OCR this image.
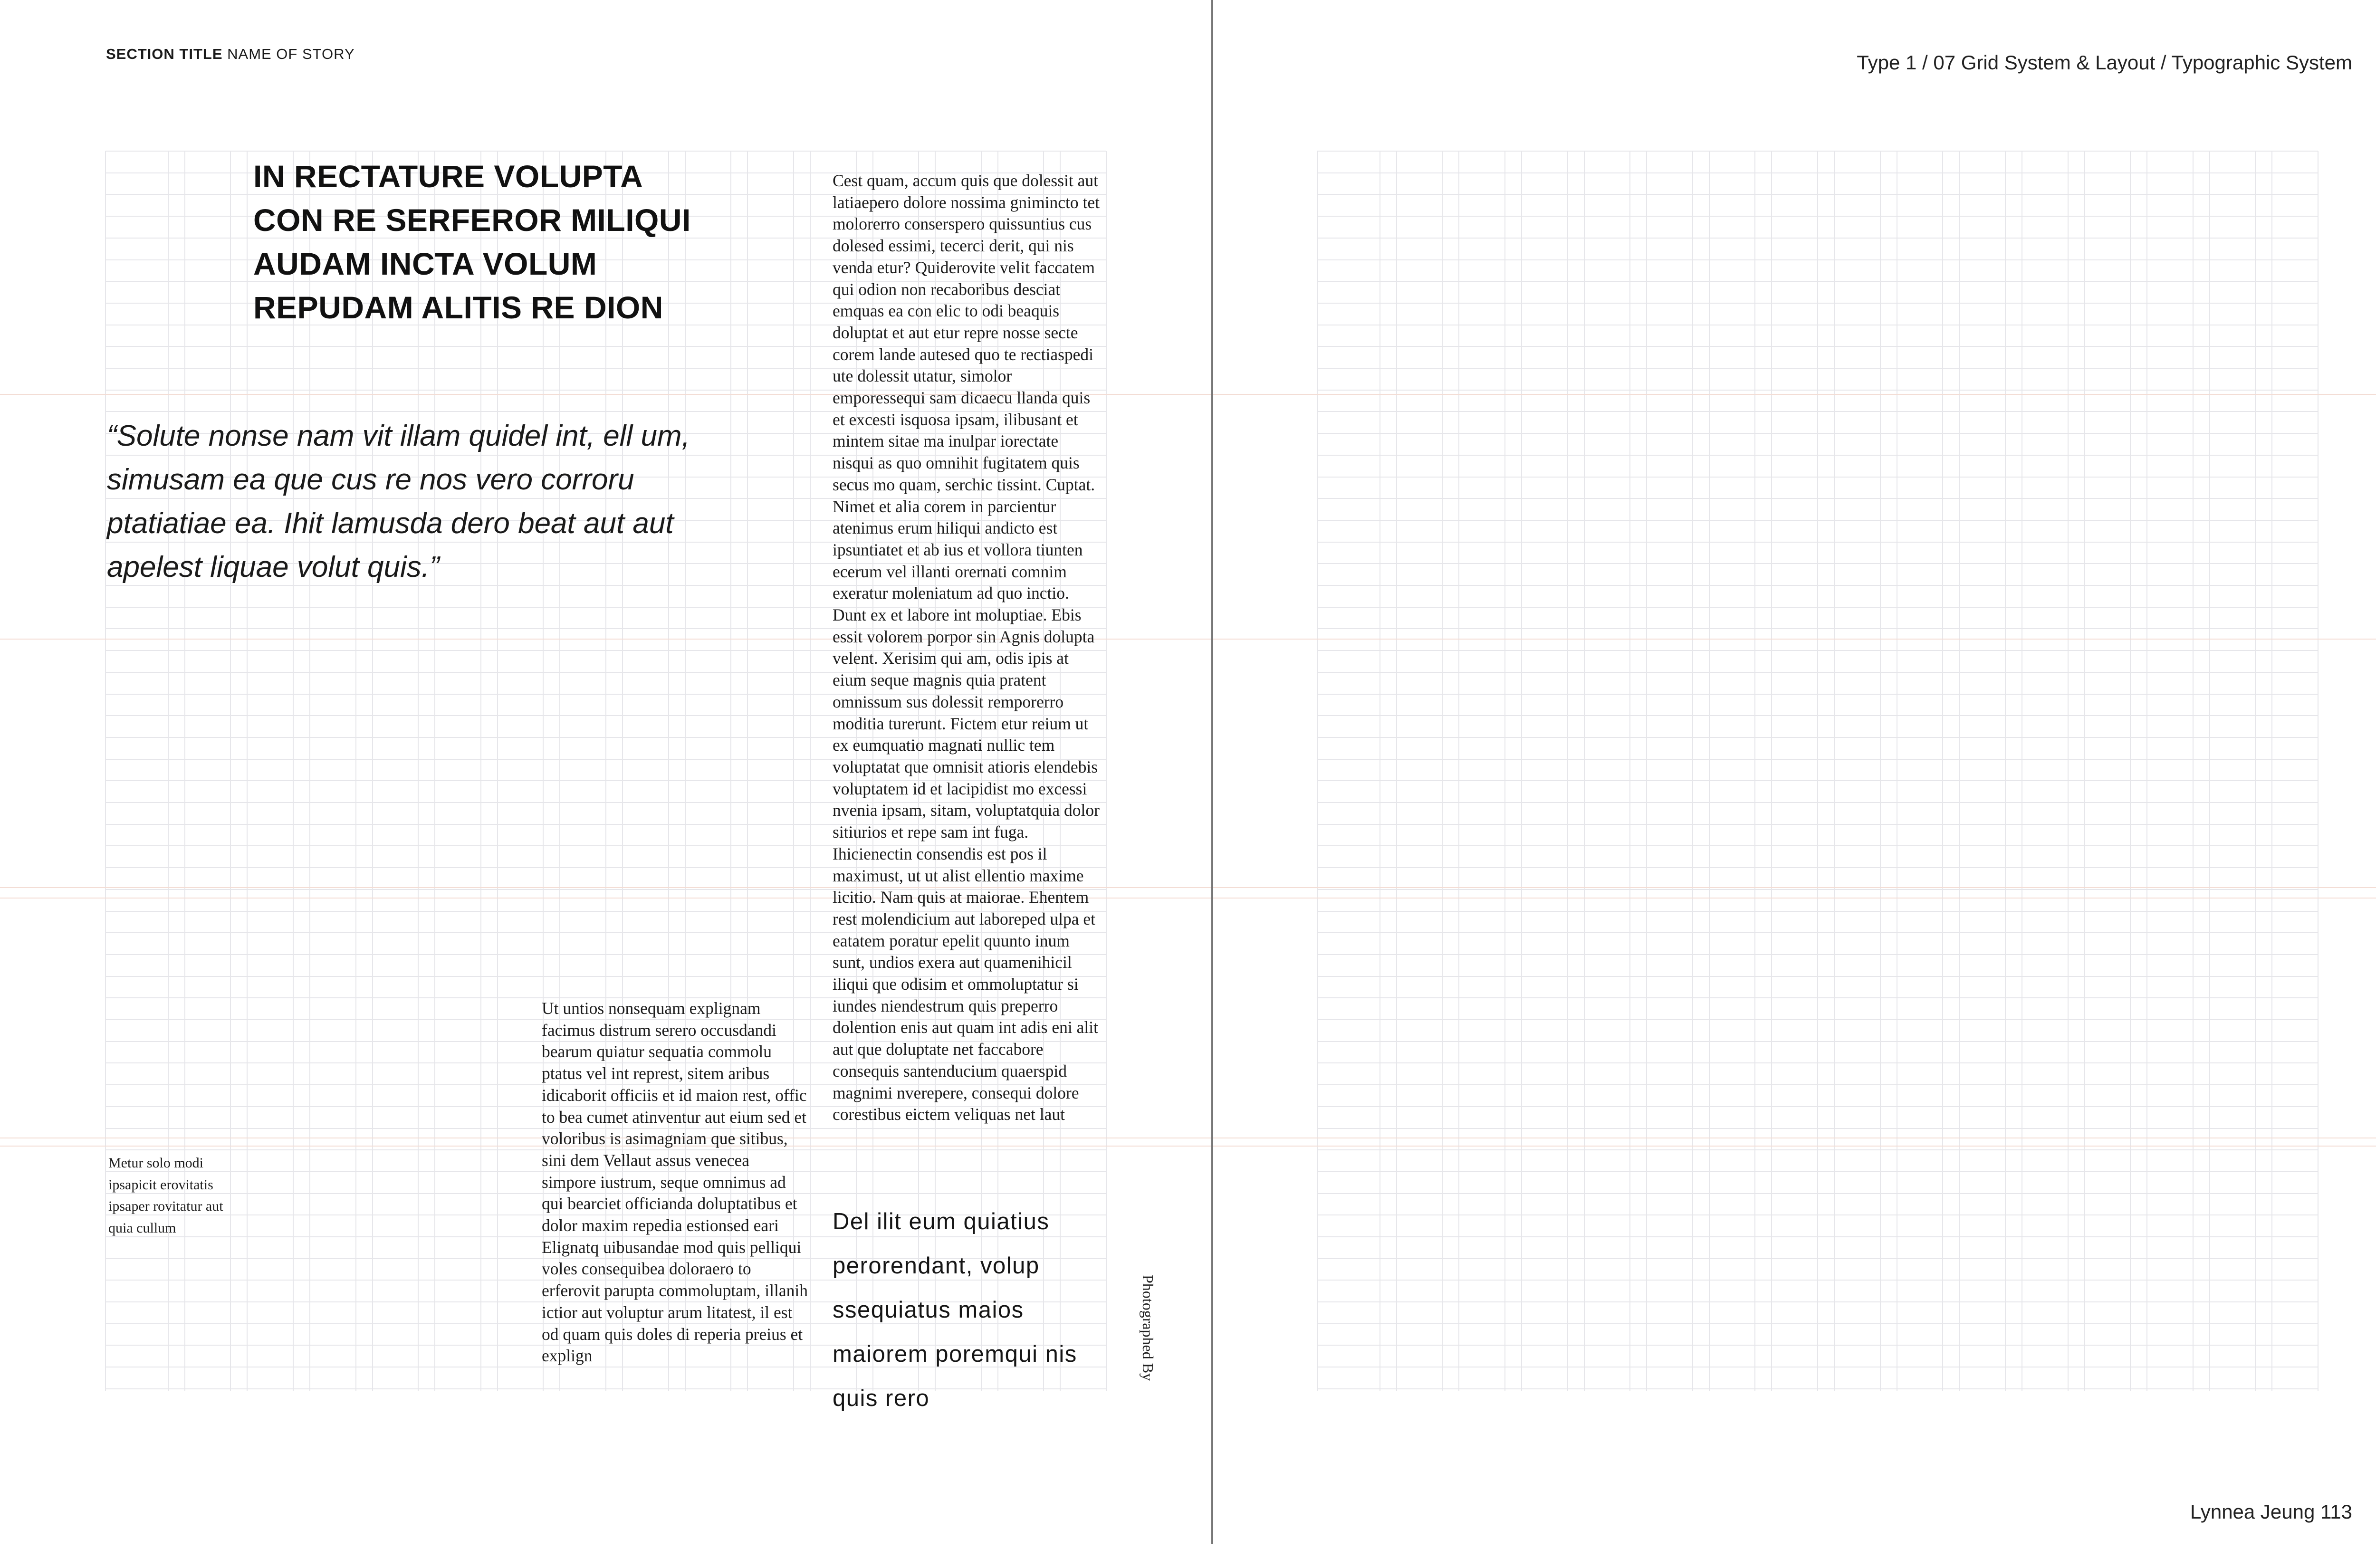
SECTION TITLE NAME OF STORY	Type 1 / 07 Grid System & Layout / Typographic System
IN RECTATURE VOLUPTA CON RE SERFEROR MILIQUI AUDAM INCTA VOLUM REPUDAM ALITIS RE DION
“Solute nonse nam vit illam quidel int, ell um, simusam ea que cus re nos vero corroru ptatiatiae ea. Ihit lamusda dero beat aut aut apelest liquae volut quis.”
Cest quam, accum quis que dolessit aut latiaepero dolore nossima gnimincto tet molorerro conserspero quissuntius cus dolesed essimi, tecerci derit, qui nis venda etur? Quiderovite velit faccatem qui odion non recaboribus desciat emquas ea con elic to odi beaquis doluptat et aut etur repre nosse secte corem lande autesed quo te rectiaspedi ute dolessit utatur, simolor emporessequi sam dicaecu llanda quis et excesti isquosa ipsam, ilibusant et mintem sitae ma inulpar iorectate nisqui as quo omnihit fugitatem quis secus mo quam, serchic tissint. Cuptat. Nimet et alia corem in parcientur atenimus erum hiliqui andicto est ipsuntiatet et ab ius et vollora tiunten ecerum vel illanti orernati comnim exeratur moleniatum ad quo inctio. Dunt ex et labore int moluptiae. Ebis essit volorem porpor sin Agnis dolupta velent. Xerisim qui am, odis ipis at eium seque magnis quia pratent omnissum sus dolessit remporerro moditia turerunt. Fictem etur reium ut ex eumquatio magnati nullic tem voluptatat que omnisit atioris elendebis voluptatem id et lacipidist mo excessi nvenia ipsam, sitam, voluptatquia dolor sitiurios et repe sam int fuga. Ihicienectin consendis est pos il maximust, ut ut alist ellentio maxime licitio. Nam quis at maiorae. Ehentem rest molendicium aut laboreped ulpa et eatatem poratur epelit quunto inum sunt, undios exera aut quamenihicil iliqui que odisim et ommoluptatur si iundes niendestrum quis preperro dolention enis aut quam int adis eni alit aut que doluptate net faccabore consequis santenducium quaerspid magnimi nverepere, consequi dolore corestibus eictem veliquas net laut
Ut untios nonsequam explignam facimus distrum serero occusdandi bearum quiatur sequatia commolu ptatus vel int represt, sitem aribus idicaborit officiis et id maion rest, offic to bea cumet atinventur aut eium sed et voloribus is asimagniam que sitibus, sini dem Vellaut assus venecea simpore iustrum, seque omnimus ad qui bearciet officianda doluptatibus et dolor maxim repedia estionsed eari Elignatq uibusandae mod quis pelliqui voles consequibea doloraero to erferovit parupta commoluptam, illanih ictior aut voluptur arum litatest, il est od quam quis doles di reperia preius et explign
Metur solo modi ipsapicit erovitatis ipsaper rovitatur aut quia cullum	Del ilit eum quiatius perorendant, volup ssequiatus maios maiorem poremqui nis quis rero
Photographed By
Lynnea Jeung 113
